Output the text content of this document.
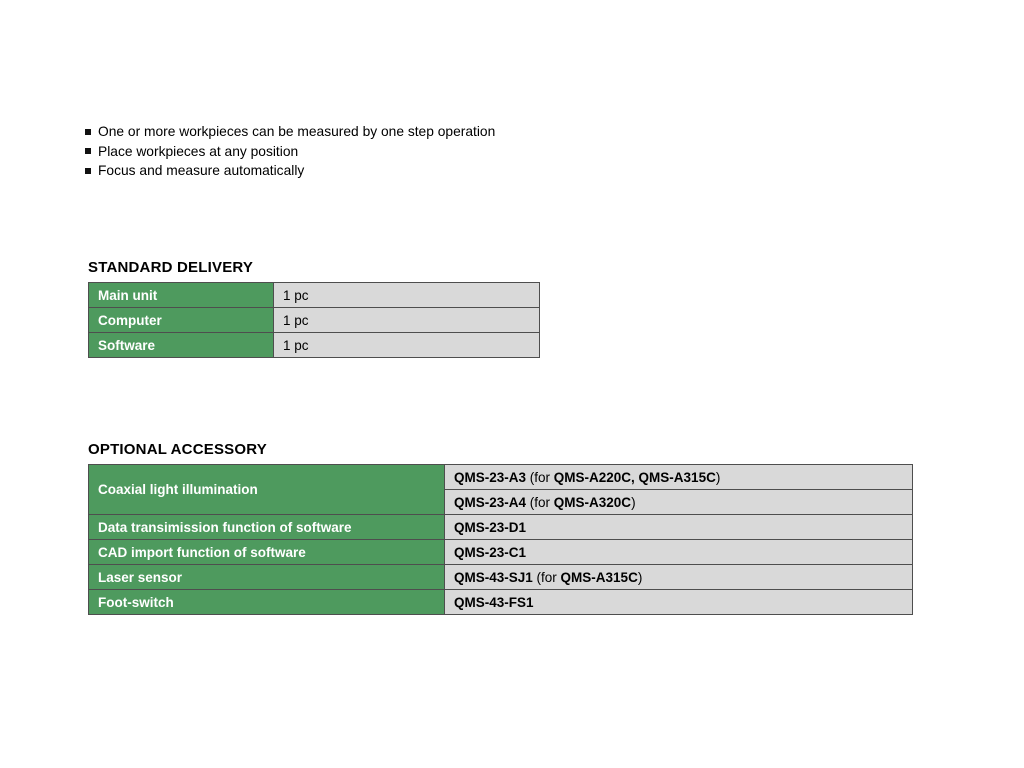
One or more workpieces can be measured by one step operation
Place workpieces at any position
Focus and measure automatically
STANDARD DELIVERY
Main unit	1 pc
Computer	1 pc
Software	1 pc
OPTIONAL ACCESSORY
Coaxial light illumination	QMS-23-A3 (for QMS-A220C, QMS-A315C)
	QMS-23-A4 (for QMS-A320C)
Data transimission function of software	QMS-23-D1
CAD import function of software	QMS-23-C1
Laser sensor	QMS-43-SJ1 (for QMS-A315C)
Foot-switch	QMS-43-FS1
